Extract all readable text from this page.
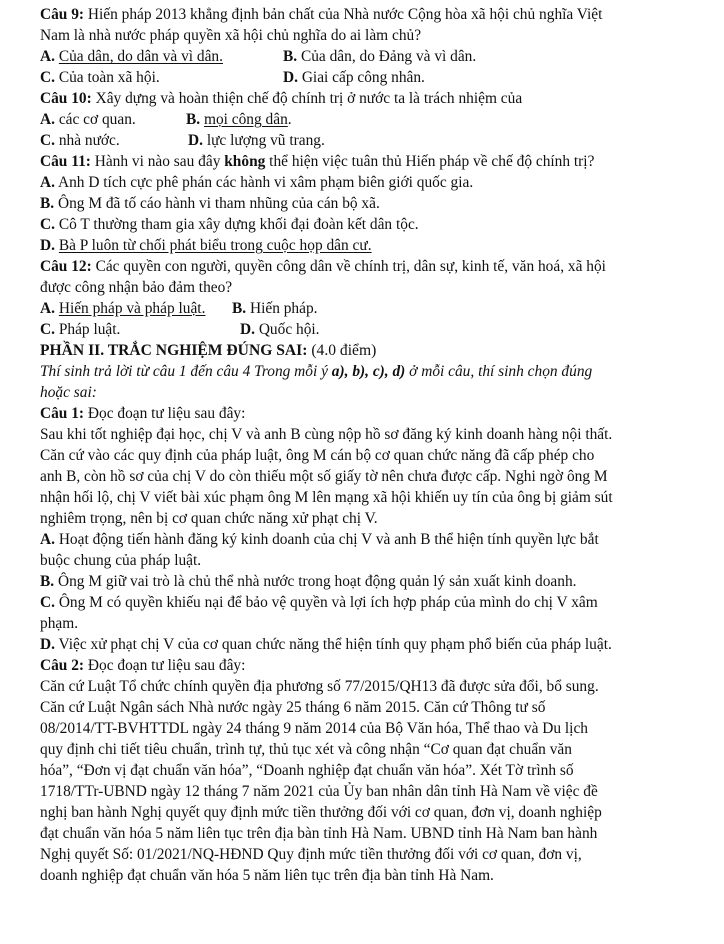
Câu 9: Hiến pháp 2013 khẳng định bản chất của Nhà nước Cộng hòa xã hội chủ nghĩa Việt
Nam là nhà nước pháp quyền xã hội chủ nghĩa do ai làm chủ?
A. Của dân, do dân và vì dân.	B. Của dân, do Đảng và vì dân.
C. Của toàn xã hội.	D. Giai cấp công nhân.
Câu 10: Xây dựng và hoàn thiện chế độ chính trị ở nước ta là trách nhiệm của
A. các cơ quan.	B. mọi công dân.
C. nhà nước.	D. lực lượng vũ trang.
Câu 11: Hành vi nào sau đây không thể hiện việc tuân thủ Hiến pháp về chế độ chính trị?
A. Anh D tích cực phê phán các hành vi xâm phạm biên giới quốc gia.
B. Ông M đã tố cáo hành vi tham nhũng của cán bộ xã.
C. Cô T thường tham gia xây dựng khối đại đoàn kết dân tộc.
D. Bà P luôn từ chối phát biểu trong cuộc họp dân cư.
Câu 12: Các quyền con người, quyền công dân về chính trị, dân sự, kinh tế, văn hoá, xã hội
được công nhận bảo đảm theo?
A. Hiến pháp và pháp luật. B. Hiến pháp.
C. Pháp luật.	D. Quốc hội.
PHẦN II. TRẮC NGHIỆM ĐÚNG SAI: (4.0 điểm)
Thí sinh trả lời từ câu 1 đến câu 4 Trong mỗi ý a), b), c), d) ở mỗi câu, thí sinh chọn đúng
hoặc sai:
Câu 1: Đọc đoạn tư liệu sau đây:
Sau khi tốt nghiệp đại học, chị V và anh B cùng nộp hồ sơ đăng ký kinh doanh hàng nội thất.
Căn cứ vào các quy định của pháp luật, ông M cán bộ cơ quan chức năng đã cấp phép cho
anh B, còn hồ sơ của chị V do còn thiếu một số giấy tờ nên chưa được cấp. Nghi ngờ ông M
nhận hối lộ, chị V viết bài xúc phạm ông M lên mạng xã hội khiến uy tín của ông bị giảm sút
nghiêm trọng, nên bị cơ quan chức năng xử phạt chị V.
A. Hoạt động tiến hành đăng ký kinh doanh của chị V và anh B thể hiện tính quyền lực bắt
buộc chung của pháp luật.
B. Ông M giữ vai trò là chủ thể nhà nước trong hoạt động quản lý sản xuất kinh doanh.
C. Ông M có quyền khiếu nại để bảo vệ quyền và lợi ích hợp pháp của mình do chị V xâm
phạm.
D. Việc xử phạt chị V của cơ quan chức năng thể hiện tính quy phạm phổ biến của pháp luật.
Câu 2: Đọc đoạn tư liệu sau đây:
Căn cứ Luật Tổ chức chính quyền địa phương số 77/2015/QH13 đã được sửa đổi, bổ sung.
Căn cứ Luật Ngân sách Nhà nước ngày 25 tháng 6 năm 2015. Căn cứ Thông tư số
08/2014/TT-BVHTTDL ngày 24 tháng 9 năm 2014 của Bộ Văn hóa, Thể thao và Du lịch
quy định chi tiết tiêu chuẩn, trình tự, thủ tục xét và công nhận “Cơ quan đạt chuẩn văn
hóa”, “Đơn vị đạt chuẩn văn hóa”, “Doanh nghiệp đạt chuẩn văn hóa”. Xét Tờ trình số
1718/TTr-UBND ngày 12 tháng 7 năm 2021 của Ủy ban nhân dân tỉnh Hà Nam về việc đề
nghị ban hành Nghị quyết quy định mức tiền thưởng đối với cơ quan, đơn vị, doanh nghiệp
đạt chuẩn văn hóa 5 năm liên tục trên địa bàn tỉnh Hà Nam. UBND tỉnh Hà Nam ban hành
Nghị quyết Số: 01/2021/NQ-HĐND Quy định mức tiền thưởng đối với cơ quan, đơn vị,
doanh nghiệp đạt chuẩn văn hóa 5 năm liên tục trên địa bàn tỉnh Hà Nam.
